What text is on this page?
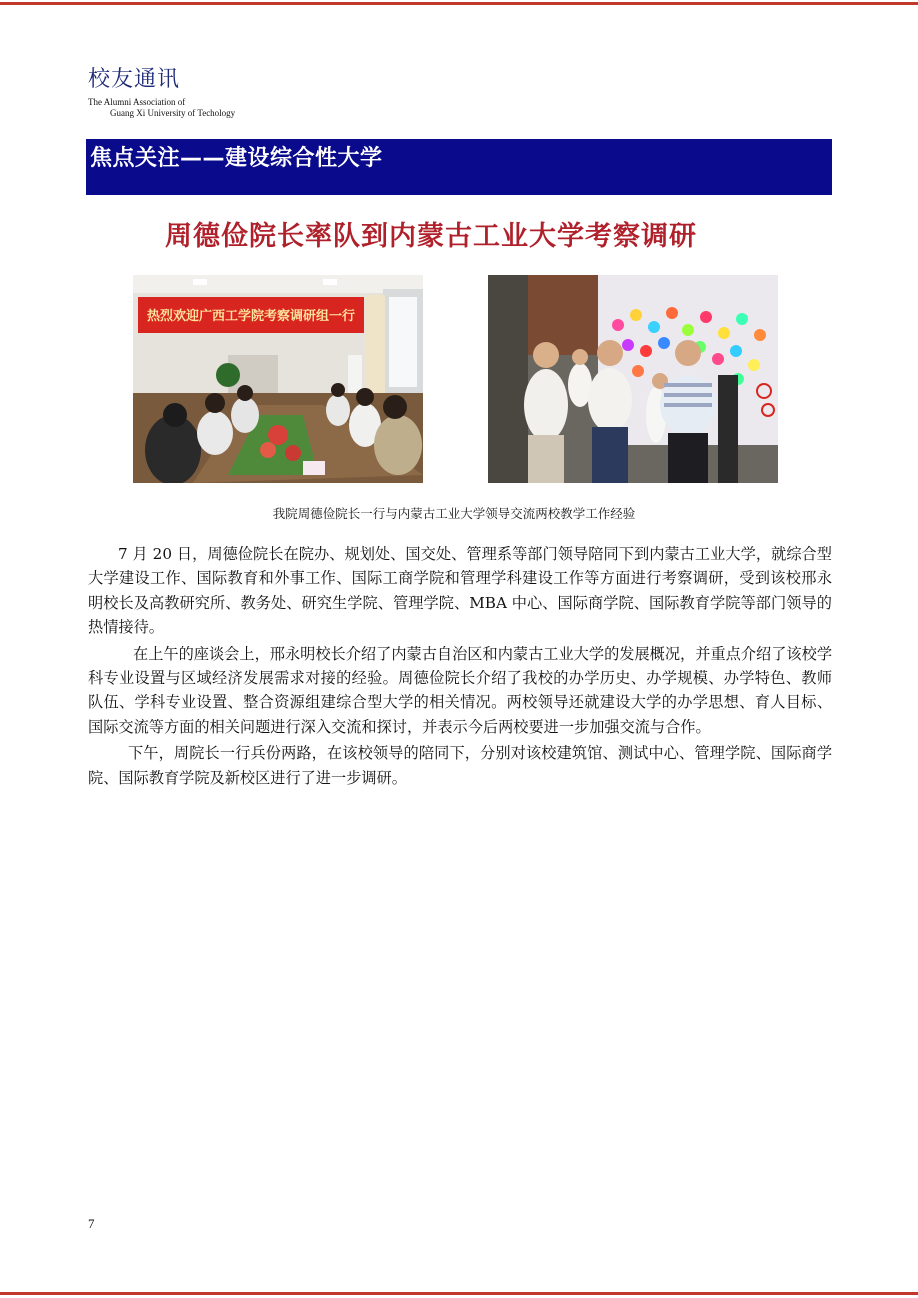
校友通讯
The Alumni Association of
Guang Xi University of Techology
焦点关注——建设综合性大学
周德俭院长率队到内蒙古工业大学考察调研
热烈欢迎广西工学院考察调研组一行
我院周德俭院长一行与内蒙古工业大学领导交流两校教学工作经验

7 月 20 日，周德俭院长在院办、规划处、国交处、管理系等部门领导陪同下到内蒙古工业大学，就综合型大学建设工作、国际教育和外事工作、国际工商学院和管理学科建设工作等方面进行考察调研，受到该校邢永明校长及高教研究所、教务处、研究生学院、管理学院、MBA 中心、国际商学院、国际教育学院等部门领导的热情接待。

在上午的座谈会上，邢永明校长介绍了内蒙古自治区和内蒙古工业大学的发展概况，并重点介绍了该校学科专业设置与区域经济发展需求对接的经验。周德俭院长介绍了我校的办学历史、办学规模、办学特色、教师队伍、学科专业设置、整合资源组建综合型大学的相关情况。两校领导还就建设大学的办学思想、育人目标、国际交流等方面的相关问题进行深入交流和探讨，并表示今后两校要进一步加强交流与合作。

下午，周院长一行兵份两路，在该校领导的陪同下，分别对该校建筑馆、测试中心、管理学院、国际商学院、国际教育学院及新校区进行了进一步调研。

7
